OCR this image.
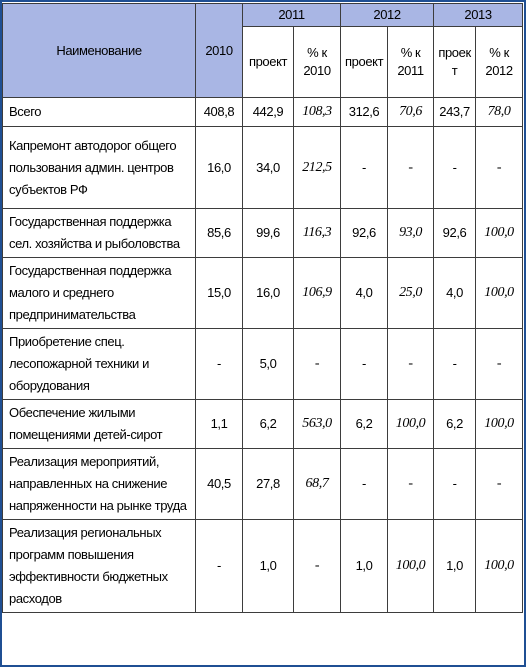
Наименование	2010	2011		2012		2013	
		проект	% к 2010	проект	% к 2011	проек т	% к 2012
Всего	408,8	442,9	108,3	312,6	70,6	243,7	78,0
Капремонт автодорог общего пользования админ. центров субъектов РФ	16,0	34,0	212,5	-	-	-	-
Государственная поддержка сел. хозяйства и рыболовства	85,6	99,6	116,3	92,6	93,0	92,6	100,0
Государственная поддержка малого и среднего предпринимательства	15,0	16,0	106,9	4,0	25,0	4,0	100,0
Приобретение спец. лесопожарной техники и оборудования	-	5,0	-	-	-	-	-
Обеспечение жилыми помещениями детей-сирот	1,1	6,2	563,0	6,2	100,0	6,2	100,0
Реализация мероприятий, направленных на снижение напряженности на рынке труда	40,5	27,8	68,7	-	-	-	-
Реализация региональных программ повышения эффективности бюджетных расходов	-	1,0	-	1,0	100,0	1,0	100,0
